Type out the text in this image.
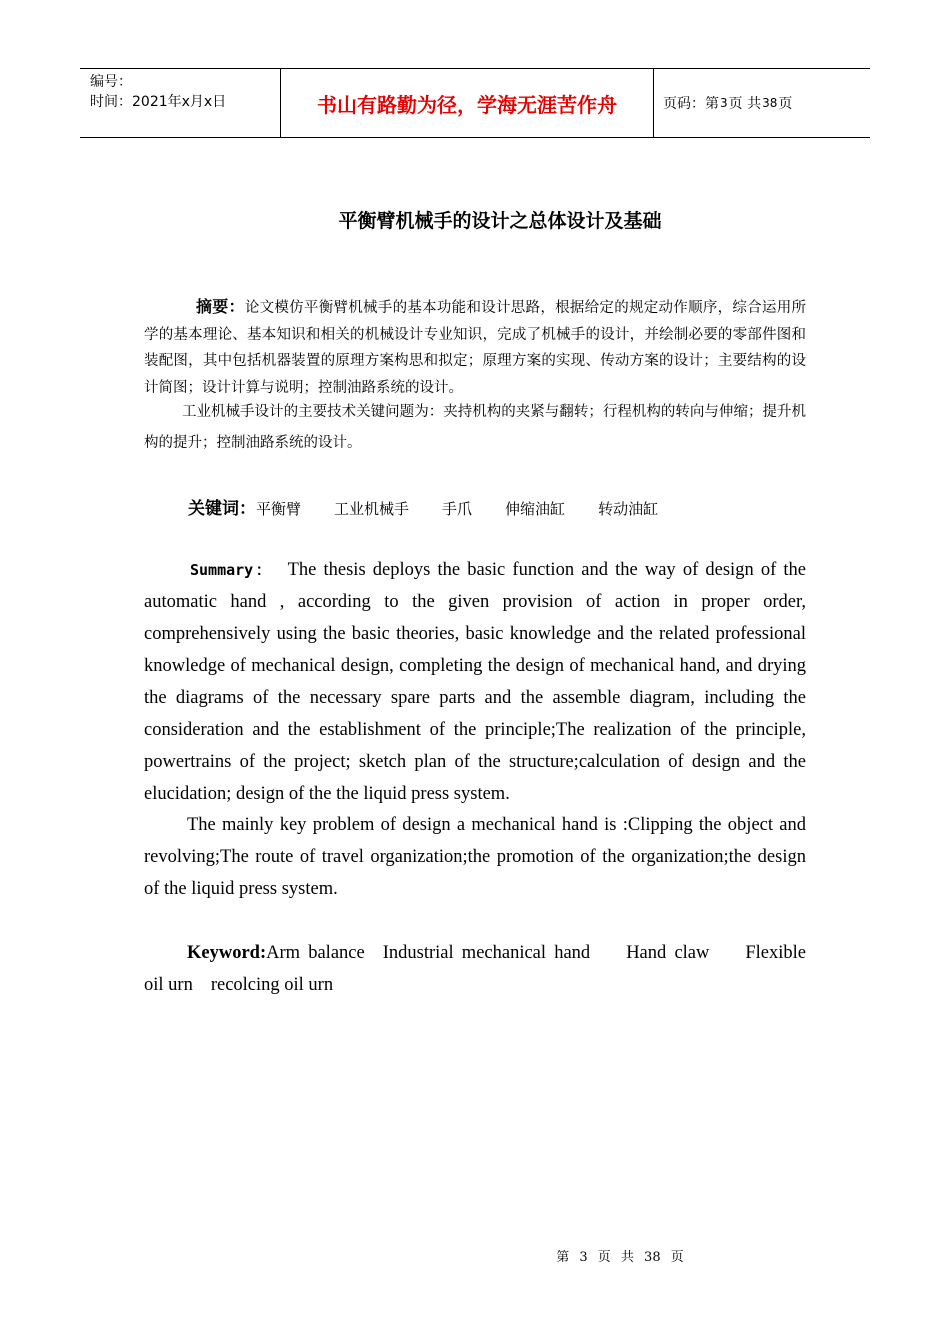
编号：
时间：2021年x月x日	书山有路勤为径，学海无涯苦作舟	页码：第 3 页 共 38 页
平衡臂机械手的设计之总体设计及基础
摘要：论文模仿平衡臂机械手的基本功能和设计思路，根据给定的规定动作顺序，综合运用所学的基本理论、基本知识和相关的机械设计专业知识，完成了机械手的设计，并绘制必要的零部件图和装配图，其中包括机器装置的原理方案构思和拟定；原理方案的实现、传动方案的设计；主要结构的设计简图；设计计算与说明；控制油路系统的设计。
工业机械手设计的主要技术关键问题为：夹持机构的夹紧与翻转；行程机构的转向与伸缩；提升机构的提升；控制油路系统的设计。
关键词：平衡臂 工业机械手 手爪 伸缩油缸 转动油缸
Summary： The thesis deploys the basic function and the way of design of the automatic hand , according to the given provision of action in proper order, comprehensively using the basic theories, basic knowledge and the related professional knowledge of mechanical design, completing the design of mechanical hand, and drying the diagrams of the necessary spare parts and the assemble diagram, including the consideration and the establishment of the principle;The realization of the principle, powertrains of the project; sketch plan of the structure;calculation of design and the elucidation; design of the the liquid press system.
The mainly key problem of design a mechanical hand is :Clipping the object and revolving;The route of travel organization;the promotion of the organization;the design of the liquid press system.
Keyword:Arm balance Industrial mechanical hand Hand claw Flexible oil urn recolcing oil urn
第 3 页 共 38 页
